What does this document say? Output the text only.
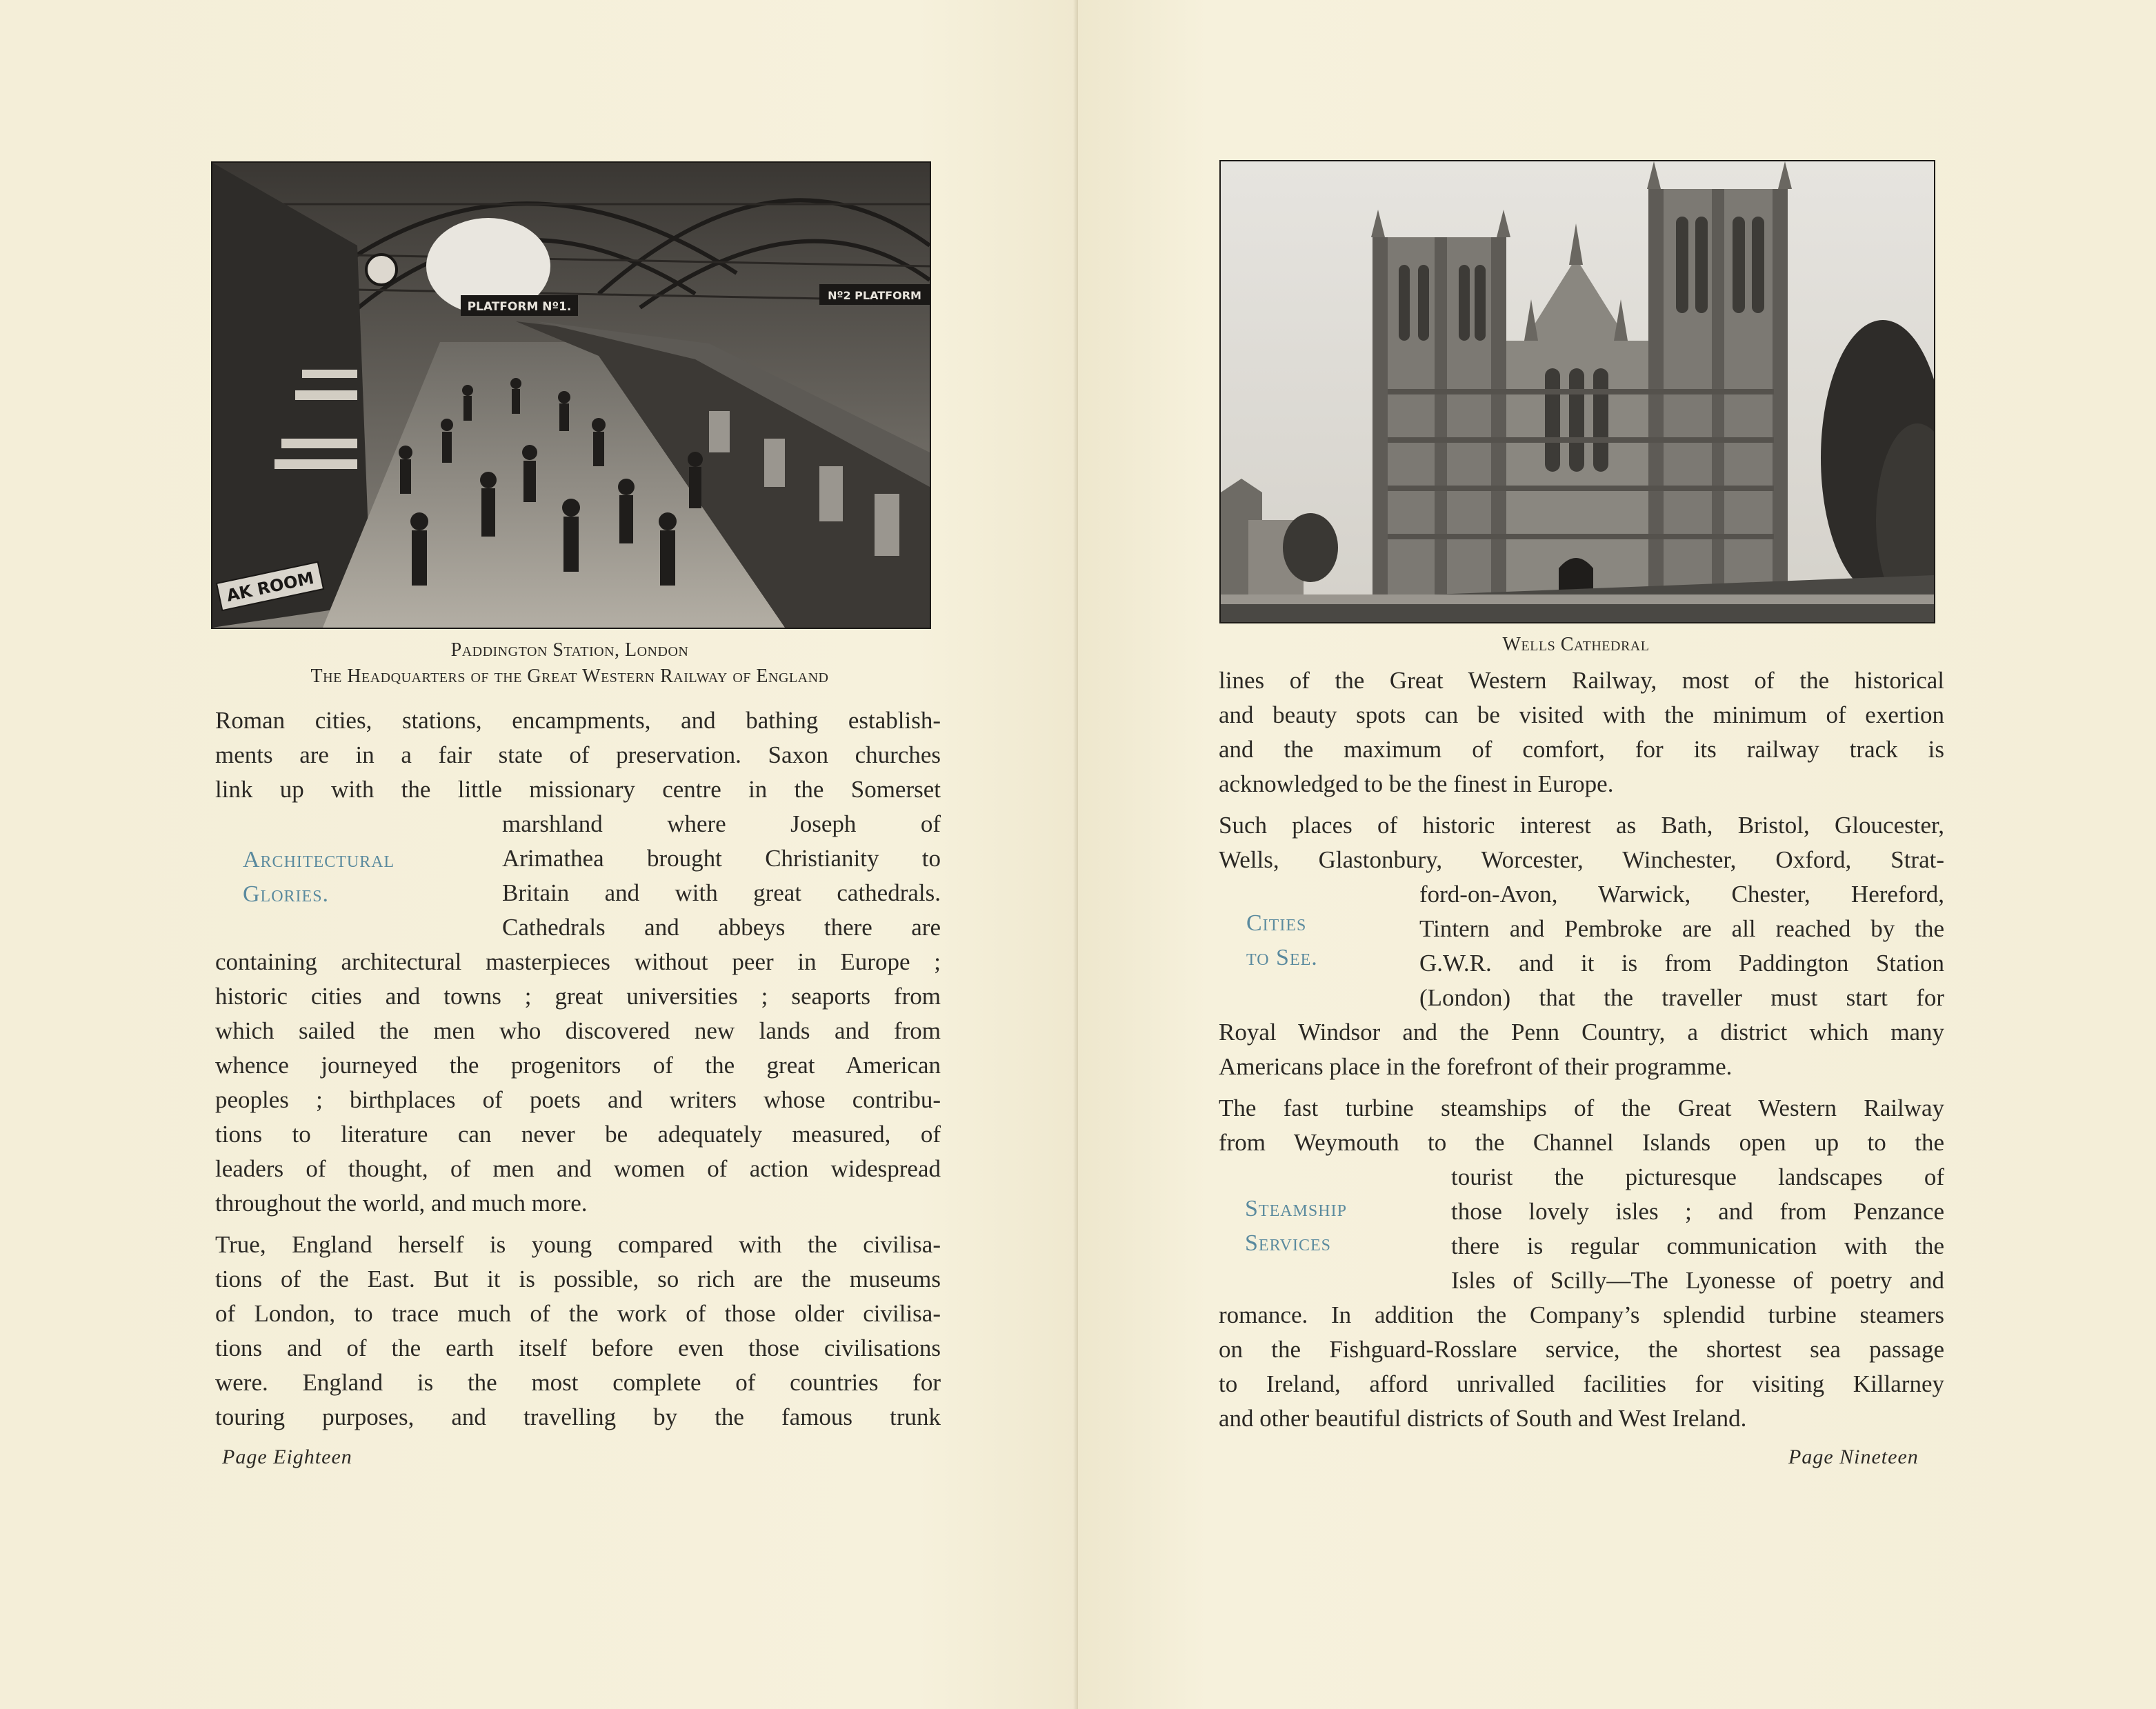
PLATFORM Nº1.
Nº2 PLATFORM
AK ROOM
Paddington Station, London
The Headquarters of the Great Western Railway of England
Roman cities, stations, encampments, and bathing establish-
ments are in a fair state of preservation. Saxon churches
link up with the little missionary centre in the Somerset
marshland where Joseph of
Arimathea brought Christianity to
Britain and with great cathedrals.
Cathedrals and abbeys there are
containing architectural masterpieces without peer in Europe ;
historic cities and towns ; great universities ; seaports from
which sailed the men who discovered new lands and from
whence journeyed the progenitors of the great American
peoples ; birthplaces of poets and writers whose contribu-
tions to literature can never be adequately measured, of
leaders of thought, of men and women of action widespread
throughout the world, and much more.
True, England herself is young compared with the civilisa-
tions of the East. But it is possible, so rich are the museums
of London, to trace much of the work of those older civilisa-
tions and of the earth itself before even those civilisations
were. England is the most complete of countries for
touring purposes, and travelling by the famous trunk
Architectural
Glories.
Page Eighteen
Wells Cathedral
lines of the Great Western Railway, most of the historical
and beauty spots can be visited with the minimum of exertion
and the maximum of comfort, for its railway track is
acknowledged to be the finest in Europe.
Such places of historic interest as Bath, Bristol, Gloucester,
Wells, Glastonbury, Worcester, Winchester, Oxford, Strat-
ford-on-Avon, Warwick, Chester, Hereford,
Tintern and Pembroke are all reached by the
G.W.R. and it is from Paddington Station
(London) that the traveller must start for
Royal Windsor and the Penn Country, a district which many
Americans place in the forefront of their programme.
The fast turbine steamships of the Great Western Railway
from Weymouth to the Channel Islands open up to the
tourist the picturesque landscapes of
those lovely isles ; and from Penzance
there is regular communication with the
Isles of Scilly—The Lyonesse of poetry and
romance. In addition the Company’s splendid turbine steamers
on the Fishguard-Rosslare service, the shortest sea passage
to Ireland, afford unrivalled facilities for visiting Killarney
and other beautiful districts of South and West Ireland.
Cities
to See.
Steamship
Services
Page Nineteen
